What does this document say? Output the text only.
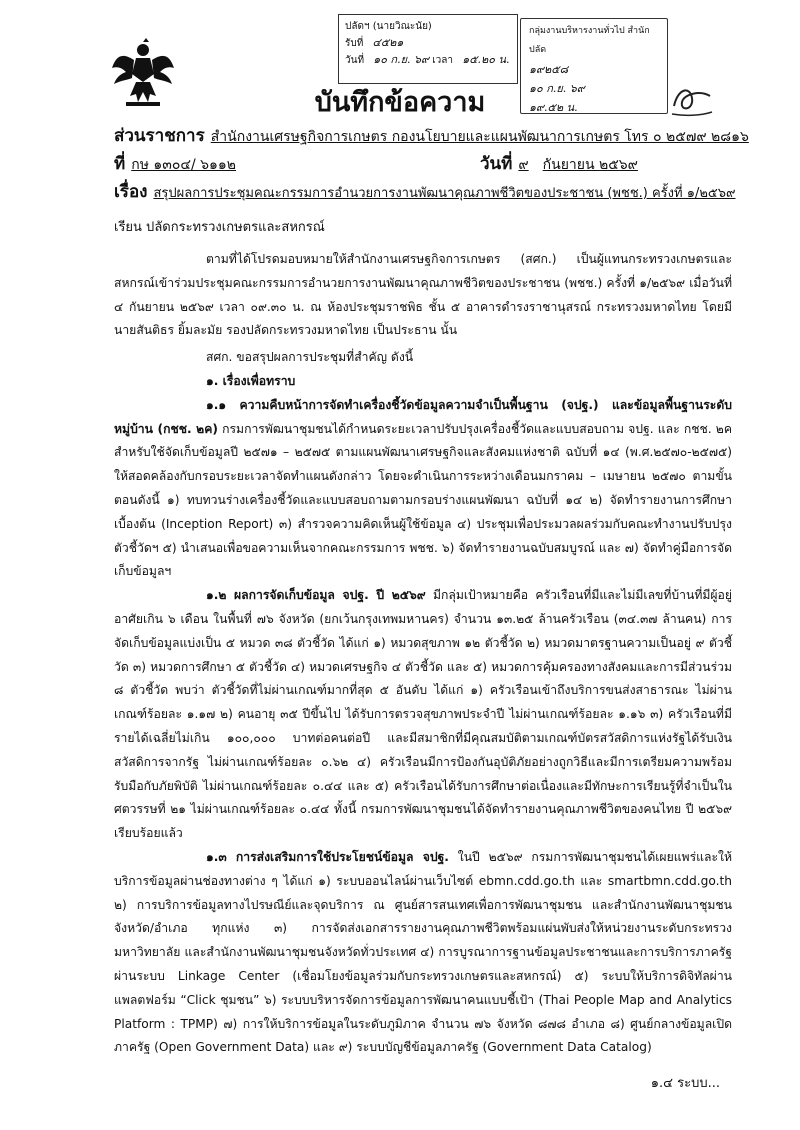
ปลัดฯ (นายวิณะนัย)
รับที่ ๔๕๒๑
วันที่ ๑๐ ก.ย. ๖๙ เวลา ๑๕.๒๐ น.
กลุ่มงานบริหารงานทั่วไป สำนักปลัด
๑๙๒๕๘
๑๐ ก.ย. ๖๙
๑๙.๕๒ น.
บันทึกข้อความ
ส่วนราชการ สำนักงานเศรษฐกิจการเกษตร กองนโยบายและแผนพัฒนาการเกษตร โทร ๐ ๒๕๗๙ ๒๘๑๖
ที่ กษ ๑๓๐๔/ ๖๑๑๒	วันที่ ๙ กันยายน ๒๕๖๙
เรื่อง สรุปผลการประชุมคณะกรรมการอำนวยการงานพัฒนาคุณภาพชีวิตของประชาชน (พชช.) ครั้งที่ ๑/๒๕๖๙
เรียน ปลัดกระทรวงเกษตรและสหกรณ์

ตามที่ได้โปรดมอบหมายให้สำนักงานเศรษฐกิจการเกษตร (สศก.) เป็นผู้แทนกระทรวงเกษตรและสหกรณ์เข้าร่วมประชุมคณะกรรมการอำนวยการงานพัฒนาคุณภาพชีวิตของประชาชน (พชช.) ครั้งที่ ๑/๒๕๖๙ เมื่อวันที่ ๔ กันยายน ๒๕๖๙ เวลา ๐๙.๓๐ น. ณ ห้องประชุมราชพิธ ชั้น ๕ อาคารดำรงราชานุสรณ์ กระทรวงมหาดไทย โดยมีนายสันติธร ยิ้มละมัย รองปลัดกระทรวงมหาดไทย เป็นประธาน นั้น

สศก. ขอสรุปผลการประชุมที่สำคัญ ดังนี้

๑. เรื่องเพื่อทราบ

๑.๑ ความคืบหน้าการจัดทำเครื่องชี้วัดข้อมูลความจำเป็นพื้นฐาน (จปฐ.) และข้อมูลพื้นฐานระดับหมู่บ้าน (กชช. ๒ค) กรมการพัฒนาชุมชนได้กำหนดระยะเวลาปรับปรุงเครื่องชี้วัดและแบบสอบถาม จปฐ. และ กชช. ๒ค สำหรับใช้จัดเก็บข้อมูลปี ๒๕๗๑ – ๒๕๗๕ ตามแผนพัฒนาเศรษฐกิจและสังคมแห่งชาติ ฉบับที่ ๑๔ (พ.ศ.๒๕๗๐-๒๕๗๕) ให้สอดคล้องกับกรอบระยะเวลาจัดทำแผนดังกล่าว โดยจะดำเนินการระหว่างเดือนมกราคม – เมษายน ๒๕๗๐ ตามขั้นตอนดังนี้ ๑) ทบทวนร่างเครื่องชี้วัดและแบบสอบถามตามกรอบร่างแผนพัฒนา ฉบับที่ ๑๔ ๒) จัดทำรายงานการศึกษาเบื้องต้น (Inception Report) ๓) สำรวจความคิดเห็นผู้ใช้ข้อมูล ๔) ประชุมเพื่อประมวลผลร่วมกับคณะทำงานปรับปรุงตัวชี้วัดฯ ๕) นำเสนอเพื่อขอความเห็นจากคณะกรรมการ พชช. ๖) จัดทำรายงานฉบับสมบูรณ์ และ ๗) จัดทำคู่มือการจัดเก็บข้อมูลฯ

๑.๒ ผลการจัดเก็บข้อมูล จปฐ. ปี ๒๕๖๙ มีกลุ่มเป้าหมายคือ ครัวเรือนที่มีและไม่มีเลขที่บ้านที่มีผู้อยู่อาศัยเกิน ๖ เดือน ในพื้นที่ ๗๖ จังหวัด (ยกเว้นกรุงเทพมหานคร) จำนวน ๑๓.๒๕ ล้านครัวเรือน (๓๔.๓๗ ล้านคน) การจัดเก็บข้อมูลแบ่งเป็น ๕ หมวด ๓๘ ตัวชี้วัด ได้แก่ ๑) หมวดสุขภาพ ๑๒ ตัวชี้วัด ๒) หมวดมาตรฐานความเป็นอยู่ ๙ ตัวชี้วัด ๓) หมวดการศึกษา ๕ ตัวชี้วัด ๔) หมวดเศรษฐกิจ ๔ ตัวชี้วัด และ ๕) หมวดการคุ้มครองทางสังคมและการมีส่วนร่วม ๘ ตัวชี้วัด พบว่า ตัวชี้วัดที่ไม่ผ่านเกณฑ์มากที่สุด ๕ อันดับ ได้แก่ ๑) ครัวเรือนเข้าถึงบริการขนส่งสาธารณะ ไม่ผ่านเกณฑ์ร้อยละ ๑.๑๗ ๒) คนอายุ ๓๕ ปีขึ้นไป ได้รับการตรวจสุขภาพประจำปี ไม่ผ่านเกณฑ์ร้อยละ ๑.๑๖ ๓) ครัวเรือนที่มีรายได้เฉลี่ยไม่เกิน ๑๐๐,๐๐๐ บาทต่อคนต่อปี และมีสมาชิกที่มีคุณสมบัติตามเกณฑ์บัตรสวัสดิการแห่งรัฐได้รับเงินสวัสดิการจากรัฐ ไม่ผ่านเกณฑ์ร้อยละ ๐.๖๒ ๔) ครัวเรือนมีการป้องกันอุบัติภัยอย่างถูกวิธีและมีการเตรียมความพร้อมรับมือกับภัยพิบัติ ไม่ผ่านเกณฑ์ร้อยละ ๐.๔๔ และ ๕) ครัวเรือนได้รับการศึกษาต่อเนื่องและมีทักษะการเรียนรู้ที่จำเป็นในศตวรรษที่ ๒๑ ไม่ผ่านเกณฑ์ร้อยละ ๐.๔๔ ทั้งนี้ กรมการพัฒนาชุมชนได้จัดทำรายงานคุณภาพชีวิตของคนไทย ปี ๒๕๖๙ เรียบร้อยแล้ว

๑.๓ การส่งเสริมการใช้ประโยชน์ข้อมูล จปฐ. ในปี ๒๕๖๙ กรมการพัฒนาชุมชนได้เผยแพร่และให้บริการข้อมูลผ่านช่องทางต่าง ๆ ได้แก่ ๑) ระบบออนไลน์ผ่านเว็บไซต์ ebmn.cdd.go.th และ smartbmn.cdd.go.th ๒) การบริการข้อมูลทางไปรษณีย์และจุดบริการ ณ ศูนย์สารสนเทศเพื่อการพัฒนาชุมชน และสำนักงานพัฒนาชุมชนจังหวัด/อำเภอ ทุกแห่ง ๓) การจัดส่งเอกสารรายงานคุณภาพชีวิตพร้อมแผ่นพับส่งให้หน่วยงานระดับกระทรวง มหาวิทยาลัย และสำนักงานพัฒนาชุมชนจังหวัดทั่วประเทศ ๔) การบูรณาการฐานข้อมูลประชาชนและการบริการภาครัฐผ่านระบบ Linkage Center (เชื่อมโยงข้อมูลร่วมกับกระทรวงเกษตรและสหกรณ์) ๕) ระบบให้บริการดิจิทัลผ่านแพลตฟอร์ม “Click ชุมชน” ๖) ระบบบริหารจัดการข้อมูลการพัฒนาคนแบบชี้เป้า (Thai People Map and Analytics Platform : TPMP) ๗) การให้บริการข้อมูลในระดับภูมิภาค จำนวน ๗๖ จังหวัด ๘๗๘ อำเภอ ๘) ศูนย์กลางข้อมูลเปิดภาครัฐ (Open Government Data) และ ๙) ระบบบัญชีข้อมูลภาครัฐ (Government Data Catalog)

๑.๔ ระบบ...
